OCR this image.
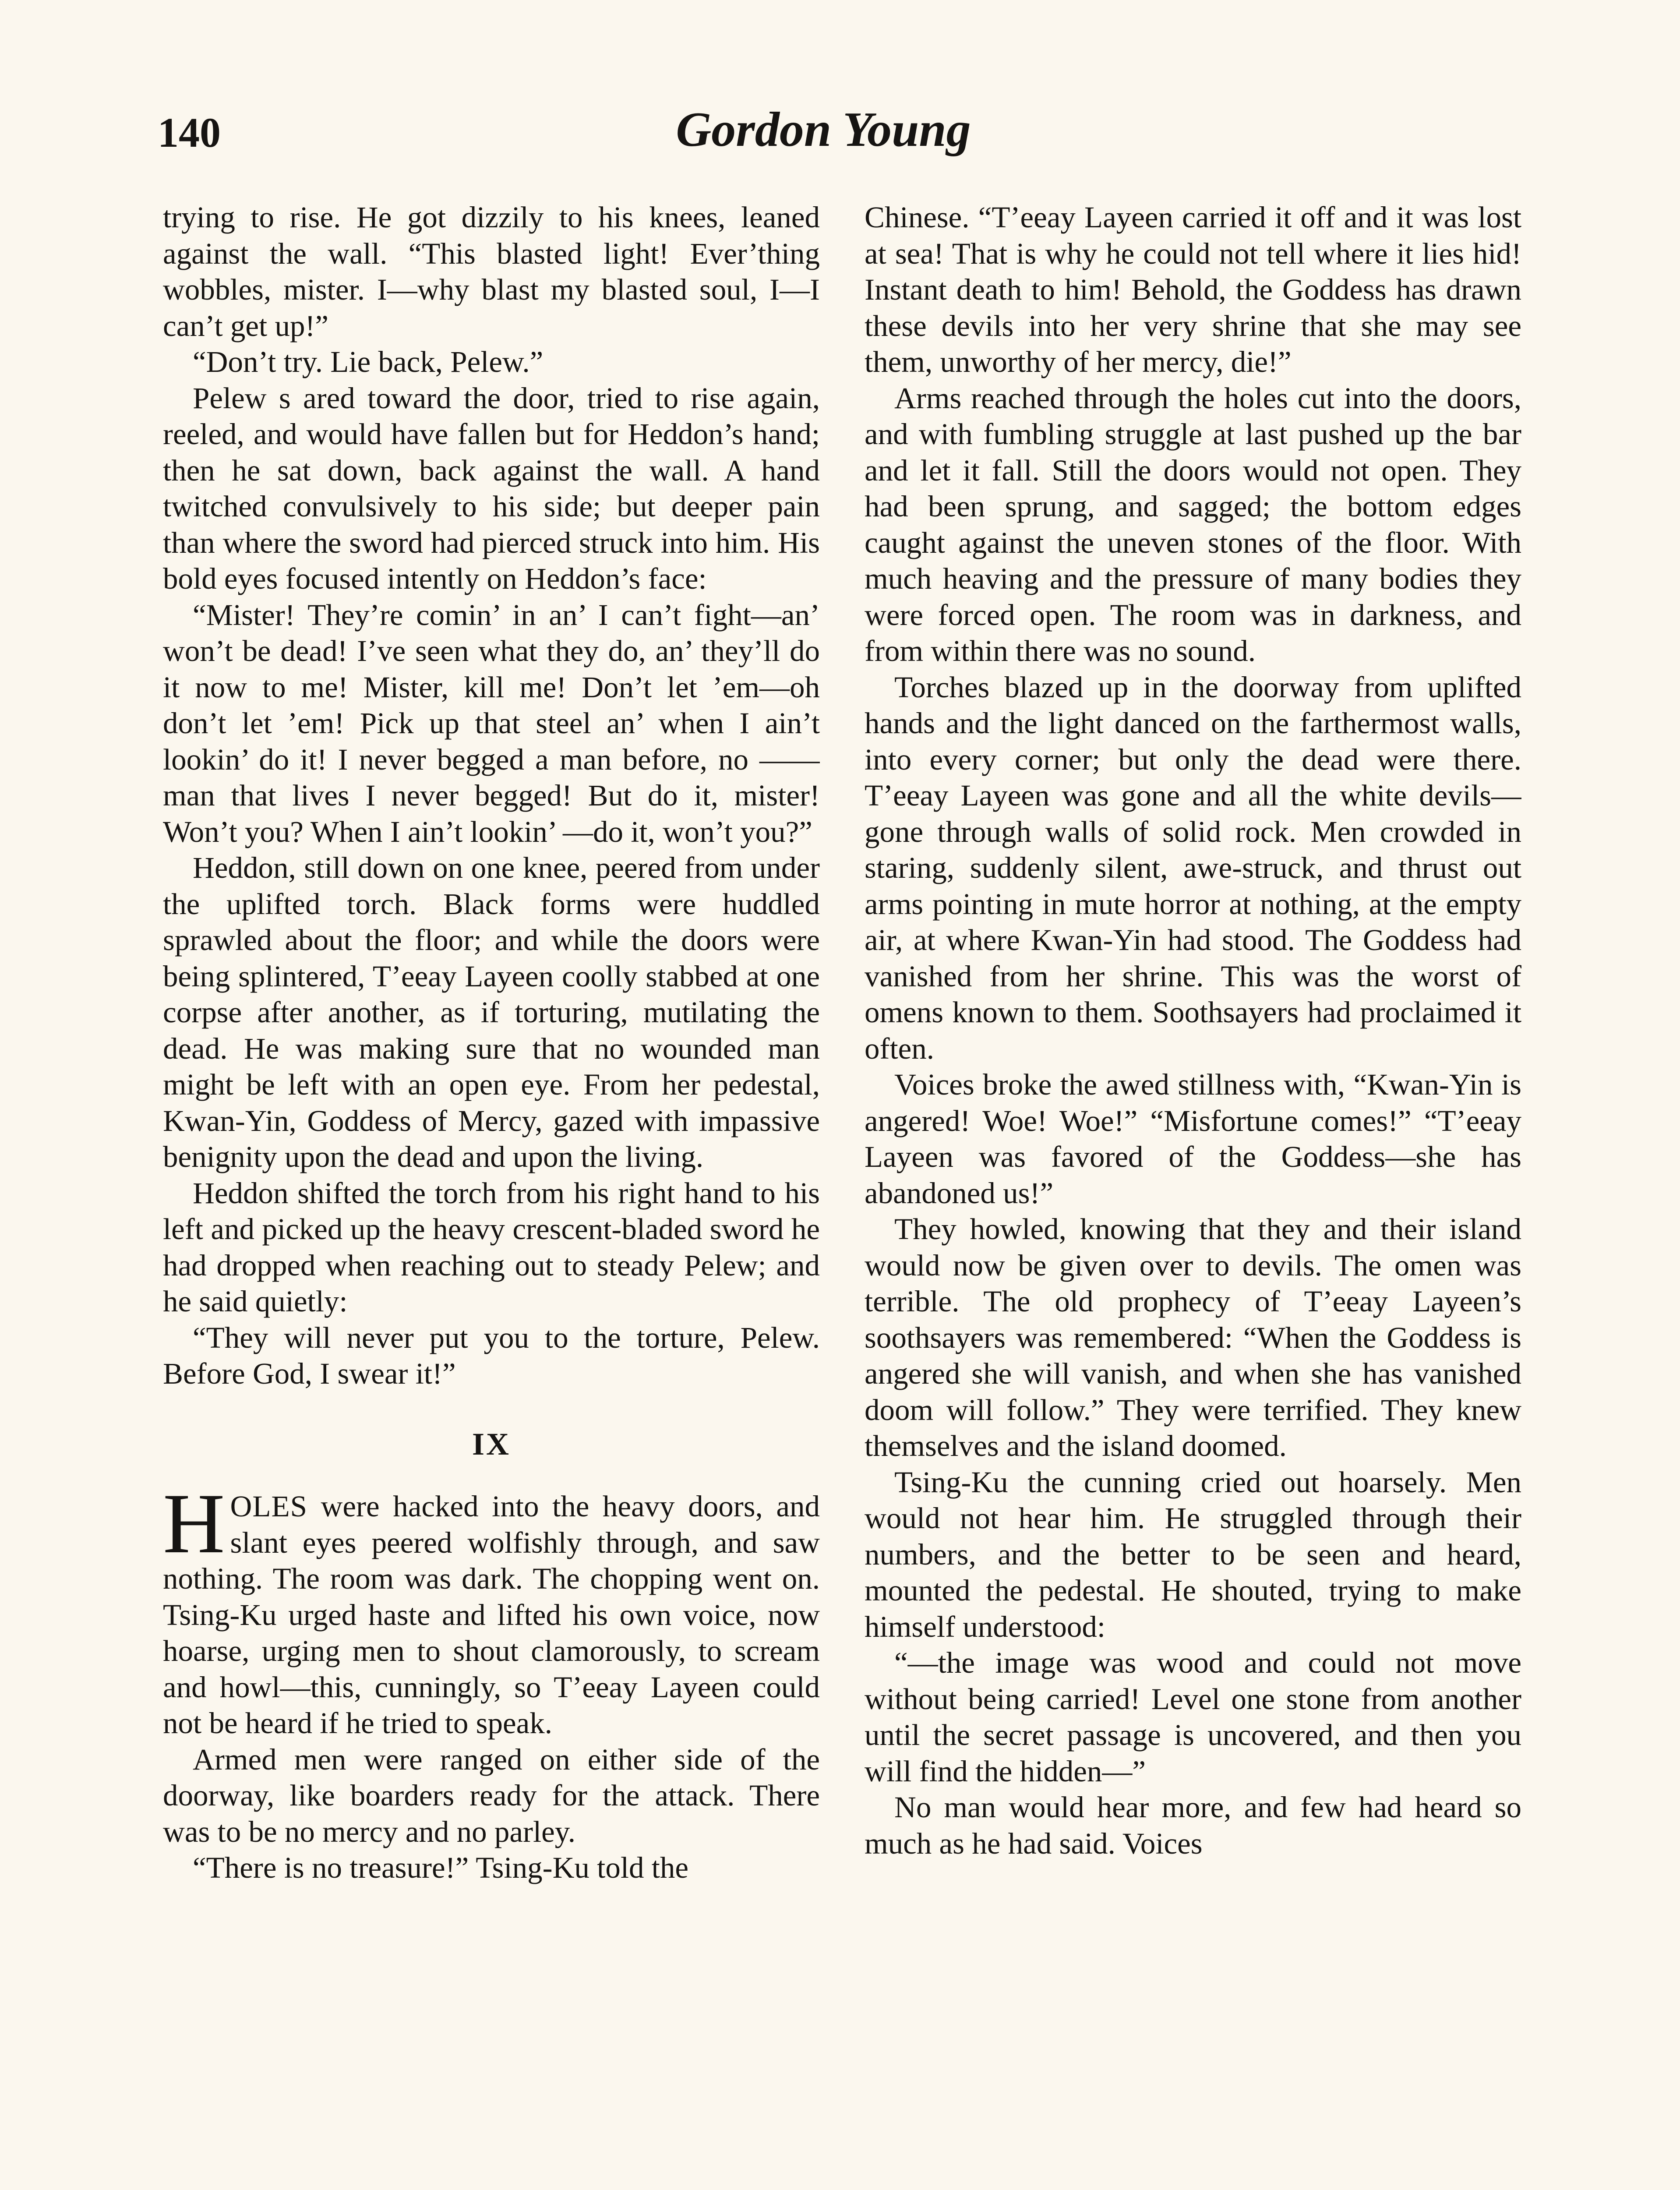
140	Gordon Young

trying to rise. He got dizzily to his knees, leaned against the wall. “This blasted light! Ever’thing wobbles, mister. I—why blast my blasted soul, I—I can’t get up!”

“Don’t try. Lie back, Pelew.”

Pelew s ared toward the door, tried to rise again, reeled, and would have fallen but for Heddon’s hand; then he sat down, back against the wall. A hand twitched convulsively to his side; but deeper pain than where the sword had pierced struck into him. His bold eyes focused intently on Heddon’s face:

“Mister! They’re comin’ in an’ I can’t fight—an’ won’t be dead! I’ve seen what they do, an’ they’ll do it now to me! Mister, kill me! Don’t let ’em—oh don’t let ’em! Pick up that steel an’ when I ain’t lookin’ do it! I never begged a man before, no —— man that lives I never begged! But do it, mister! Won’t you? When I ain’t lookin’ —do it, won’t you?”

Heddon, still down on one knee, peered from under the uplifted torch. Black forms were huddled sprawled about the floor; and while the doors were being splintered, T’eeay Layeen coolly stabbed at one corpse after another, as if torturing, mutilating the dead. He was making sure that no wounded man might be left with an open eye. From her pedestal, Kwan-Yin, Goddess of Mercy, gazed with impassive benignity upon the dead and upon the living.

Heddon shifted the torch from his right hand to his left and picked up the heavy crescent-bladed sword he had dropped when reaching out to steady Pelew; and he said quietly:

“They will never put you to the torture, Pelew. Before God, I swear it!”

IX

HOLES were hacked into the heavy doors, and slant eyes peered wolfishly through, and saw nothing. The room was dark. The chopping went on. Tsing-Ku urged haste and lifted his own voice, now hoarse, urging men to shout clamorously, to scream and howl—this, cunningly, so T’eeay Layeen could not be heard if he tried to speak.

Armed men were ranged on either side of the doorway, like boarders ready for the attack. There was to be no mercy and no parley.

“There is no treasure!” Tsing-Ku told the

Chinese. “T’eeay Layeen carried it off and it was lost at sea! That is why he could not tell where it lies hid! Instant death to him! Behold, the Goddess has drawn these devils into her very shrine that she may see them, unworthy of her mercy, die!”

Arms reached through the holes cut into the doors, and with fumbling struggle at last pushed up the bar and let it fall. Still the doors would not open. They had been sprung, and sagged; the bottom edges caught against the uneven stones of the floor. With much heaving and the pressure of many bodies they were forced open. The room was in darkness, and from within there was no sound.

Torches blazed up in the doorway from uplifted hands and the light danced on the farthermost walls, into every corner; but only the dead were there. T’eeay Layeen was gone and all the white devils—gone through walls of solid rock. Men crowded in staring, suddenly silent, awe-struck, and thrust out arms pointing in mute horror at nothing, at the empty air, at where Kwan-Yin had stood. The Goddess had vanished from her shrine. This was the worst of omens known to them. Soothsayers had proclaimed it often.

Voices broke the awed stillness with, “Kwan-Yin is angered! Woe! Woe!” “Misfortune comes!” “T’eeay Layeen was favored of the Goddess—she has abandoned us!”

They howled, knowing that they and their island would now be given over to devils. The omen was terrible. The old prophecy of T’eeay Layeen’s soothsayers was remembered: “When the Goddess is angered she will vanish, and when she has vanished doom will follow.” They were terrified. They knew themselves and the island doomed.

Tsing-Ku the cunning cried out hoarsely. Men would not hear him. He struggled through their numbers, and the better to be seen and heard, mounted the pedestal. He shouted, trying to make himself understood:

“—the image was wood and could not move without being carried! Level one stone from another until the secret passage is uncovered, and then you will find the hidden—”

No man would hear more, and few had heard so much as he had said. Voices
